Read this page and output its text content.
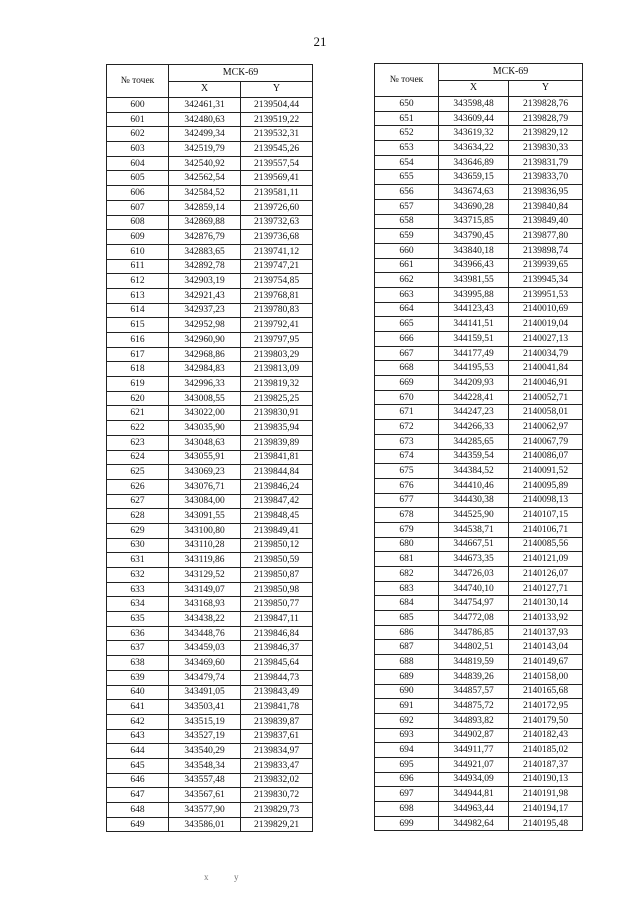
21
№ точек	МСК-69	
	X	Y
600	342461,31	2139504,44
601	342480,63	2139519,22
602	342499,34	2139532,31
603	342519,79	2139545,26
604	342540,92	2139557,54
605	342562,54	2139569,41
606	342584,52	2139581,11
607	342859,14	2139726,60
608	342869,88	2139732,63
609	342876,79	2139736,68
610	342883,65	2139741,12
611	342892,78	2139747,21
612	342903,19	2139754,85
613	342921,43	2139768,81
614	342937,23	2139780,83
615	342952,98	2139792,41
616	342960,90	2139797,95
617	342968,86	2139803,29
618	342984,83	2139813,09
619	342996,33	2139819,32
620	343008,55	2139825,25
621	343022,00	2139830,91
622	343035,90	2139835,94
623	343048,63	2139839,89
624	343055,91	2139841,81
625	343069,23	2139844,84
626	343076,71	2139846,24
627	343084,00	2139847,42
628	343091,55	2139848,45
629	343100,80	2139849,41
630	343110,28	2139850,12
631	343119,86	2139850,59
632	343129,52	2139850,87
633	343149,07	2139850,98
634	343168,93	2139850,77
635	343438,22	2139847,11
636	343448,76	2139846,84
637	343459,03	2139846,37
638	343469,60	2139845,64
639	343479,74	2139844,73
640	343491,05	2139843,49
641	343503,41	2139841,78
642	343515,19	2139839,87
643	343527,19	2139837,61
644	343540,29	2139834,97
645	343548,34	2139833,47
646	343557,48	2139832,02
647	343567,61	2139830,72
648	343577,90	2139829,73
649	343586,01	2139829,21
№ точек	МСК-69	
	X	Y
650	343598,48	2139828,76
651	343609,44	2139828,79
652	343619,32	2139829,12
653	343634,22	2139830,33
654	343646,89	2139831,79
655	343659,15	2139833,70
656	343674,63	2139836,95
657	343690,28	2139840,84
658	343715,85	2139849,40
659	343790,45	2139877,80
660	343840,18	2139898,74
661	343966,43	2139939,65
662	343981,55	2139945,34
663	343995,88	2139951,53
664	344123,43	2140010,69
665	344141,51	2140019,04
666	344159,51	2140027,13
667	344177,49	2140034,79
668	344195,53	2140041,84
669	344209,93	2140046,91
670	344228,41	2140052,71
671	344247,23	2140058,01
672	344266,33	2140062,97
673	344285,65	2140067,79
674	344359,54	2140086,07
675	344384,52	2140091,52
676	344410,46	2140095,89
677	344430,38	2140098,13
678	344525,90	2140107,15
679	344538,71	2140106,71
680	344667,51	2140085,56
681	344673,35	2140121,09
682	344726,03	2140126,07
683	344740,10	2140127,71
684	344754,97	2140130,14
685	344772,08	2140133,92
686	344786,85	2140137,93
687	344802,51	2140143,04
688	344819,59	2140149,67
689	344839,26	2140158,00
690	344857,57	2140165,68
691	344875,72	2140172,95
692	344893,82	2140179,50
693	344902,87	2140182,43
694	344911,77	2140185,02
695	344921,07	2140187,37
696	344934,09	2140190,13
697	344944,81	2140191,98
698	344963,44	2140194,17
699	344982,64	2140195,48
x	y
